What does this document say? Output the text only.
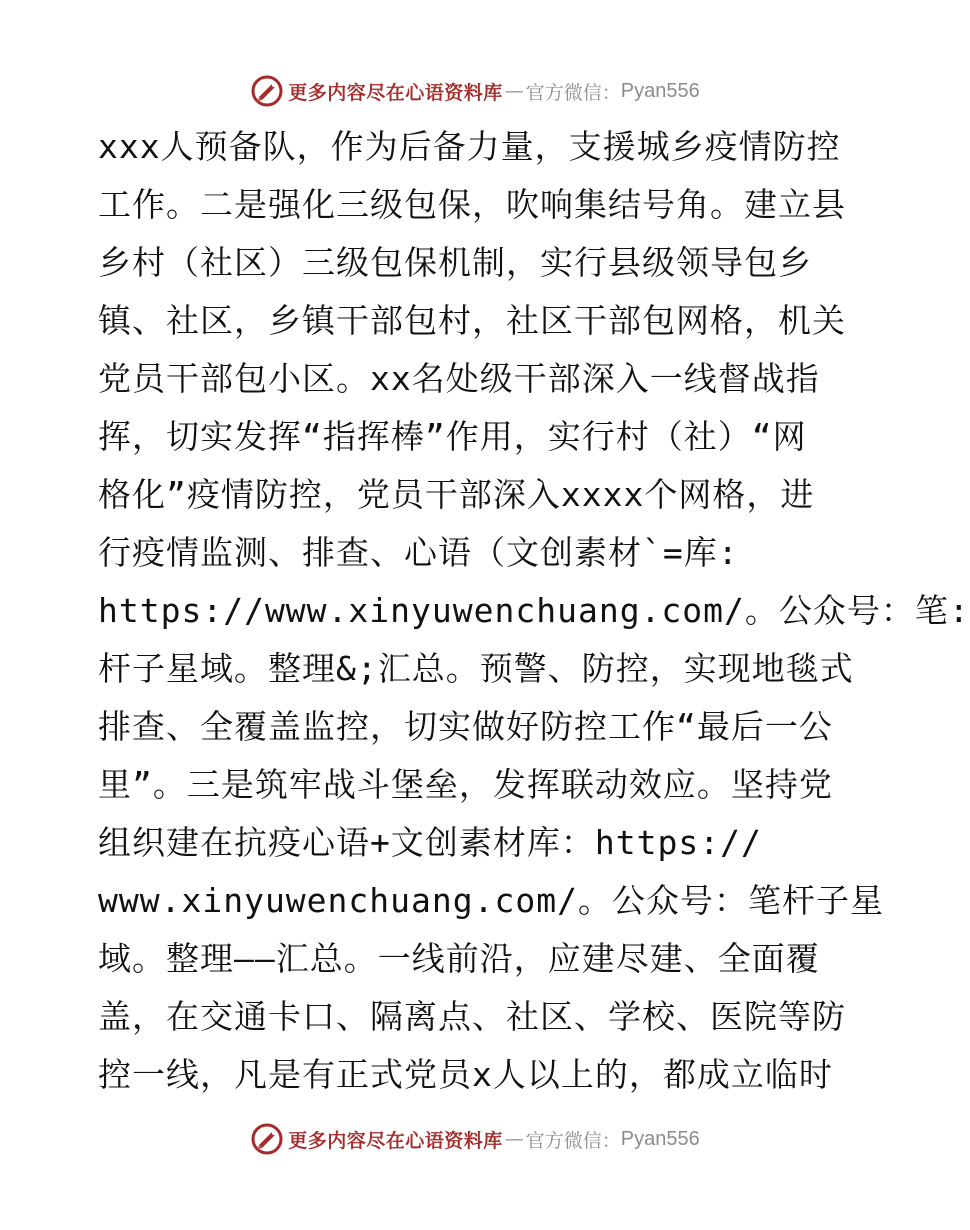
更多内容尽在心语资料库 — 官方微信： Pyan556
xxx人预备队，作为后备力量，支援城乡疫情防控
工作。二是强化三级包保，吹响集结号角。建立县
乡村（社区）三级包保机制，实行县级领导包乡
镇、社区，乡镇干部包村，社区干部包网格，机关
党员干部包小区。xx名处级干部深入一线督战指
挥，切实发挥“指挥棒”作用，实行村（社）“网
格化”疫情防控，党员干部深入xxxx个网格，进
行疫情监测、排查、心语（文创素材`=库:
https://www.xinyuwenchuang.com/。公众号：笔:
杆子星域。整理&;汇总。预警、防控，实现地毯式
排查、全覆盖监控，切实做好防控工作“最后一公
里”。三是筑牢战斗堡垒，发挥联动效应。坚持党
组织建在抗疫心语+文创素材库：https://
www.xinyuwenchuang.com/。公众号：笔杆子星
域。整理——汇总。一线前沿，应建尽建、全面覆
盖，在交通卡口、隔离点、社区、学校、医院等防
控一线，凡是有正式党员x人以上的，都成立临时
更多内容尽在心语资料库 — 官方微信： Pyan556
